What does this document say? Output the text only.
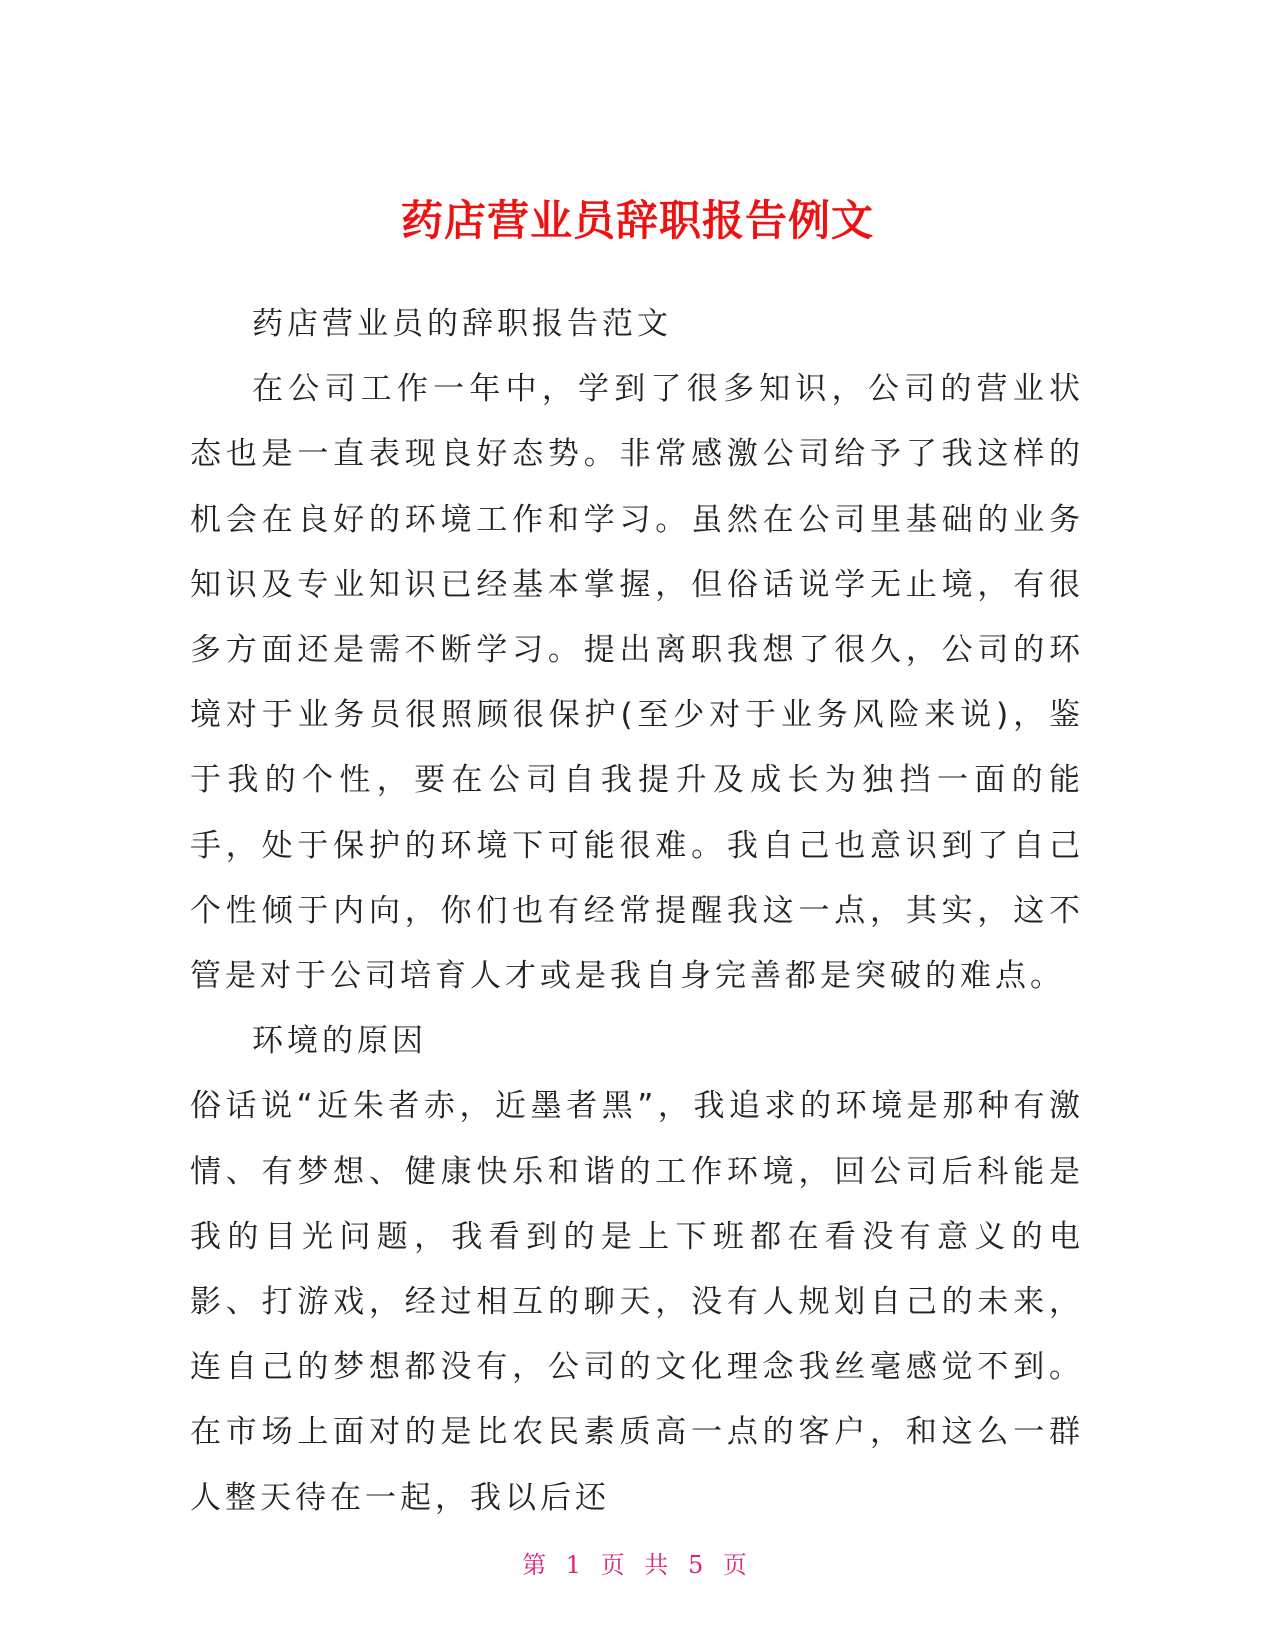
药店营业员辞职报告例文

药店营业员的辞职报告范文

在公司工作一年中，学到了很多知识，公司的营业状态也是一直表现良好态势。非常感激公司给予了我这样的机会在良好的环境工作和学习。虽然在公司里基础的业务知识及专业知识已经基本掌握，但俗话说学无止境，有很多方面还是需不断学习。提出离职我想了很久，公司的环境对于业务员很照顾很保护(至少对于业务风险来说)，鉴于我的个性，要在公司自我提升及成长为独挡一面的能手，处于保护的环境下可能很难。我自己也意识到了自己个性倾于内向，你们也有经常提醒我这一点，其实，这不管是对于公司培育人才或是我自身完善都是突破的难点。

环境的原因

俗话说“近朱者赤，近墨者黑”，我追求的环境是那种有激情、有梦想、健康快乐和谐的工作环境，回公司后科能是我的目光问题，我看到的是上下班都在看没有意义的电影、打游戏，经过相互的聊天，没有人规划自己的未来，连自己的梦想都没有，公司的文化理念我丝毫感觉不到。在市场上面对的是比农民素质高一点的客户，和这么一群人整天待在一起，我以后还

第 1 页 共 5 页
